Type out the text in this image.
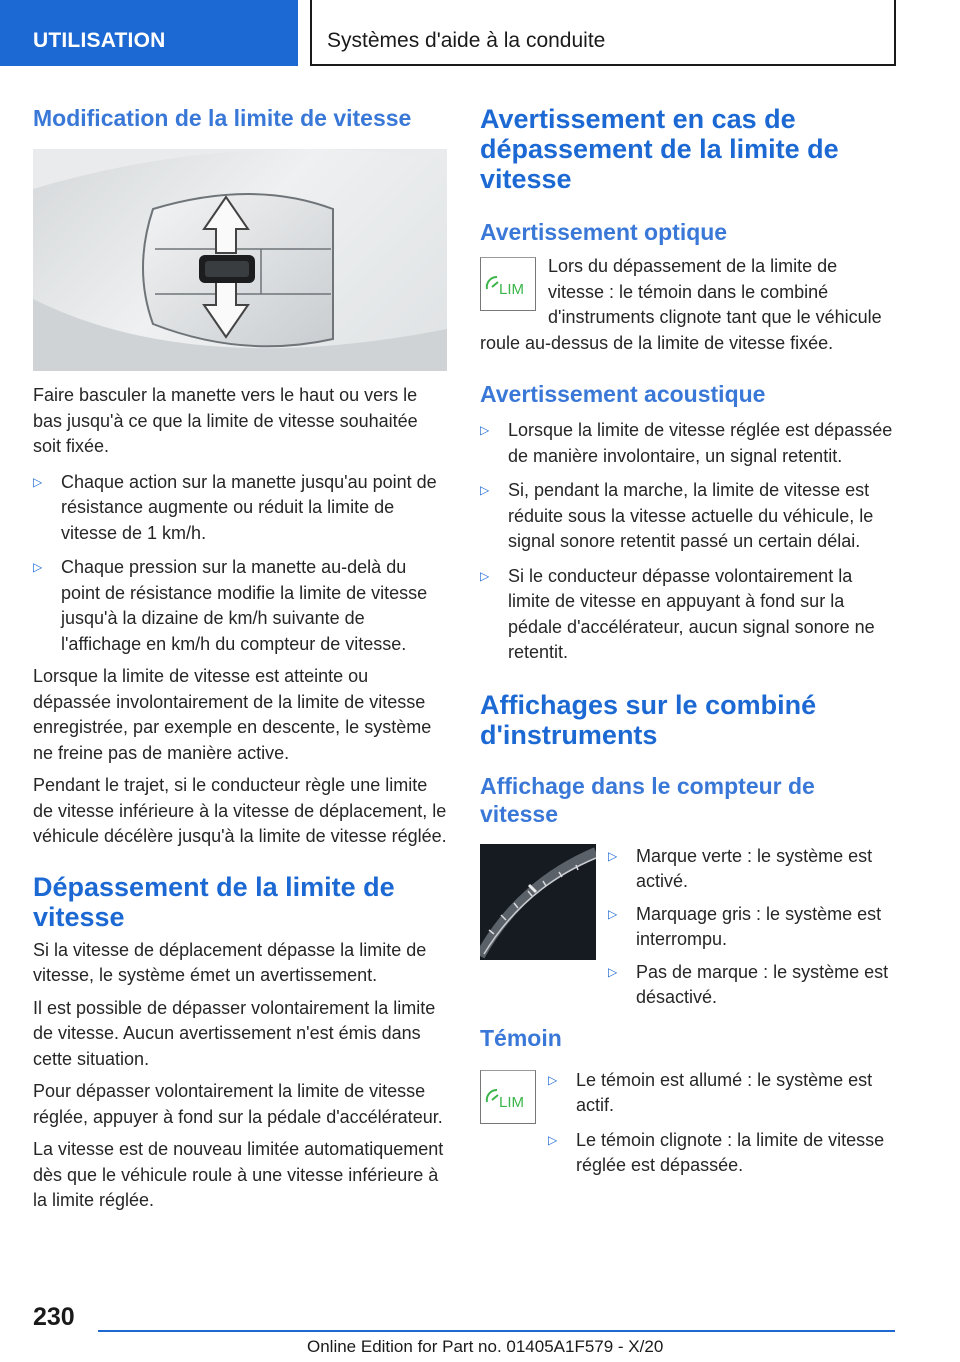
UTILISATION	Systèmes d'aide à la conduite
Modification de la limite de vitesse

Faire basculer la manette vers le haut ou vers le bas jusqu'à ce que la limite de vitesse souhaitée soit fixée.

▷ Chaque action sur la manette jusqu'au point de résistance augmente ou réduit la limite de vitesse de 1 km/h.
▷ Chaque pression sur la manette au-delà du point de résistance modifie la limite de vitesse jusqu'à la dizaine de km/h suivante de l'affichage en km/h du compteur de vitesse.

Lorsque la limite de vitesse est atteinte ou dépassée involontairement de la limite de vitesse enregistrée, par exemple en descente, le système ne freine pas de manière active.

Pendant le trajet, si le conducteur règle une limite de vitesse inférieure à la vitesse de déplacement, le véhicule décélère jusqu'à la limite de vitesse réglée.

Dépassement de la limite de vitesse

Si la vitesse de déplacement dépasse la limite de vitesse, le système émet un avertissement.

Il est possible de dépasser volontairement la limite de vitesse. Aucun avertissement n'est émis dans cette situation.

Pour dépasser volontairement la limite de vitesse réglée, appuyer à fond sur la pédale d'accélérateur.

La vitesse est de nouveau limitée automatiquement dès que le véhicule roule à une vitesse inférieure à la limite réglée.

Avertissement en cas de dépassement de la limite de vitesse
Avertissement optique
LIM

Lors du dépassement de la limite de vitesse : le témoin dans le combiné d'instruments clignote tant que le véhicule roule au-dessus de la limite de vitesse fixée.

Avertissement acoustique
▷ Lorsque la limite de vitesse réglée est dépassée de manière involontaire, un signal retentit.
▷ Si, pendant la marche, la limite de vitesse est réduite sous la vitesse actuelle du véhicule, le signal sonore retentit passé un certain délai.
▷ Si le conducteur dépasse volontairement la limite de vitesse en appuyant à fond sur la pédale d'accélérateur, aucun signal sonore ne retentit.
Affichages sur le combiné d'instruments
Affichage dans le compteur de vitesse
▷ Marque verte : le système est activé.
▷ Marquage gris : le système est interrompu.
▷ Pas de marque : le système est désactivé.
Témoin
LIM
▷ Le témoin est allumé : le système est actif.
▷ Le témoin clignote : la limite de vitesse réglée est dépassée.
230
Online Edition for Part no. 01405A1F579 - X/20
